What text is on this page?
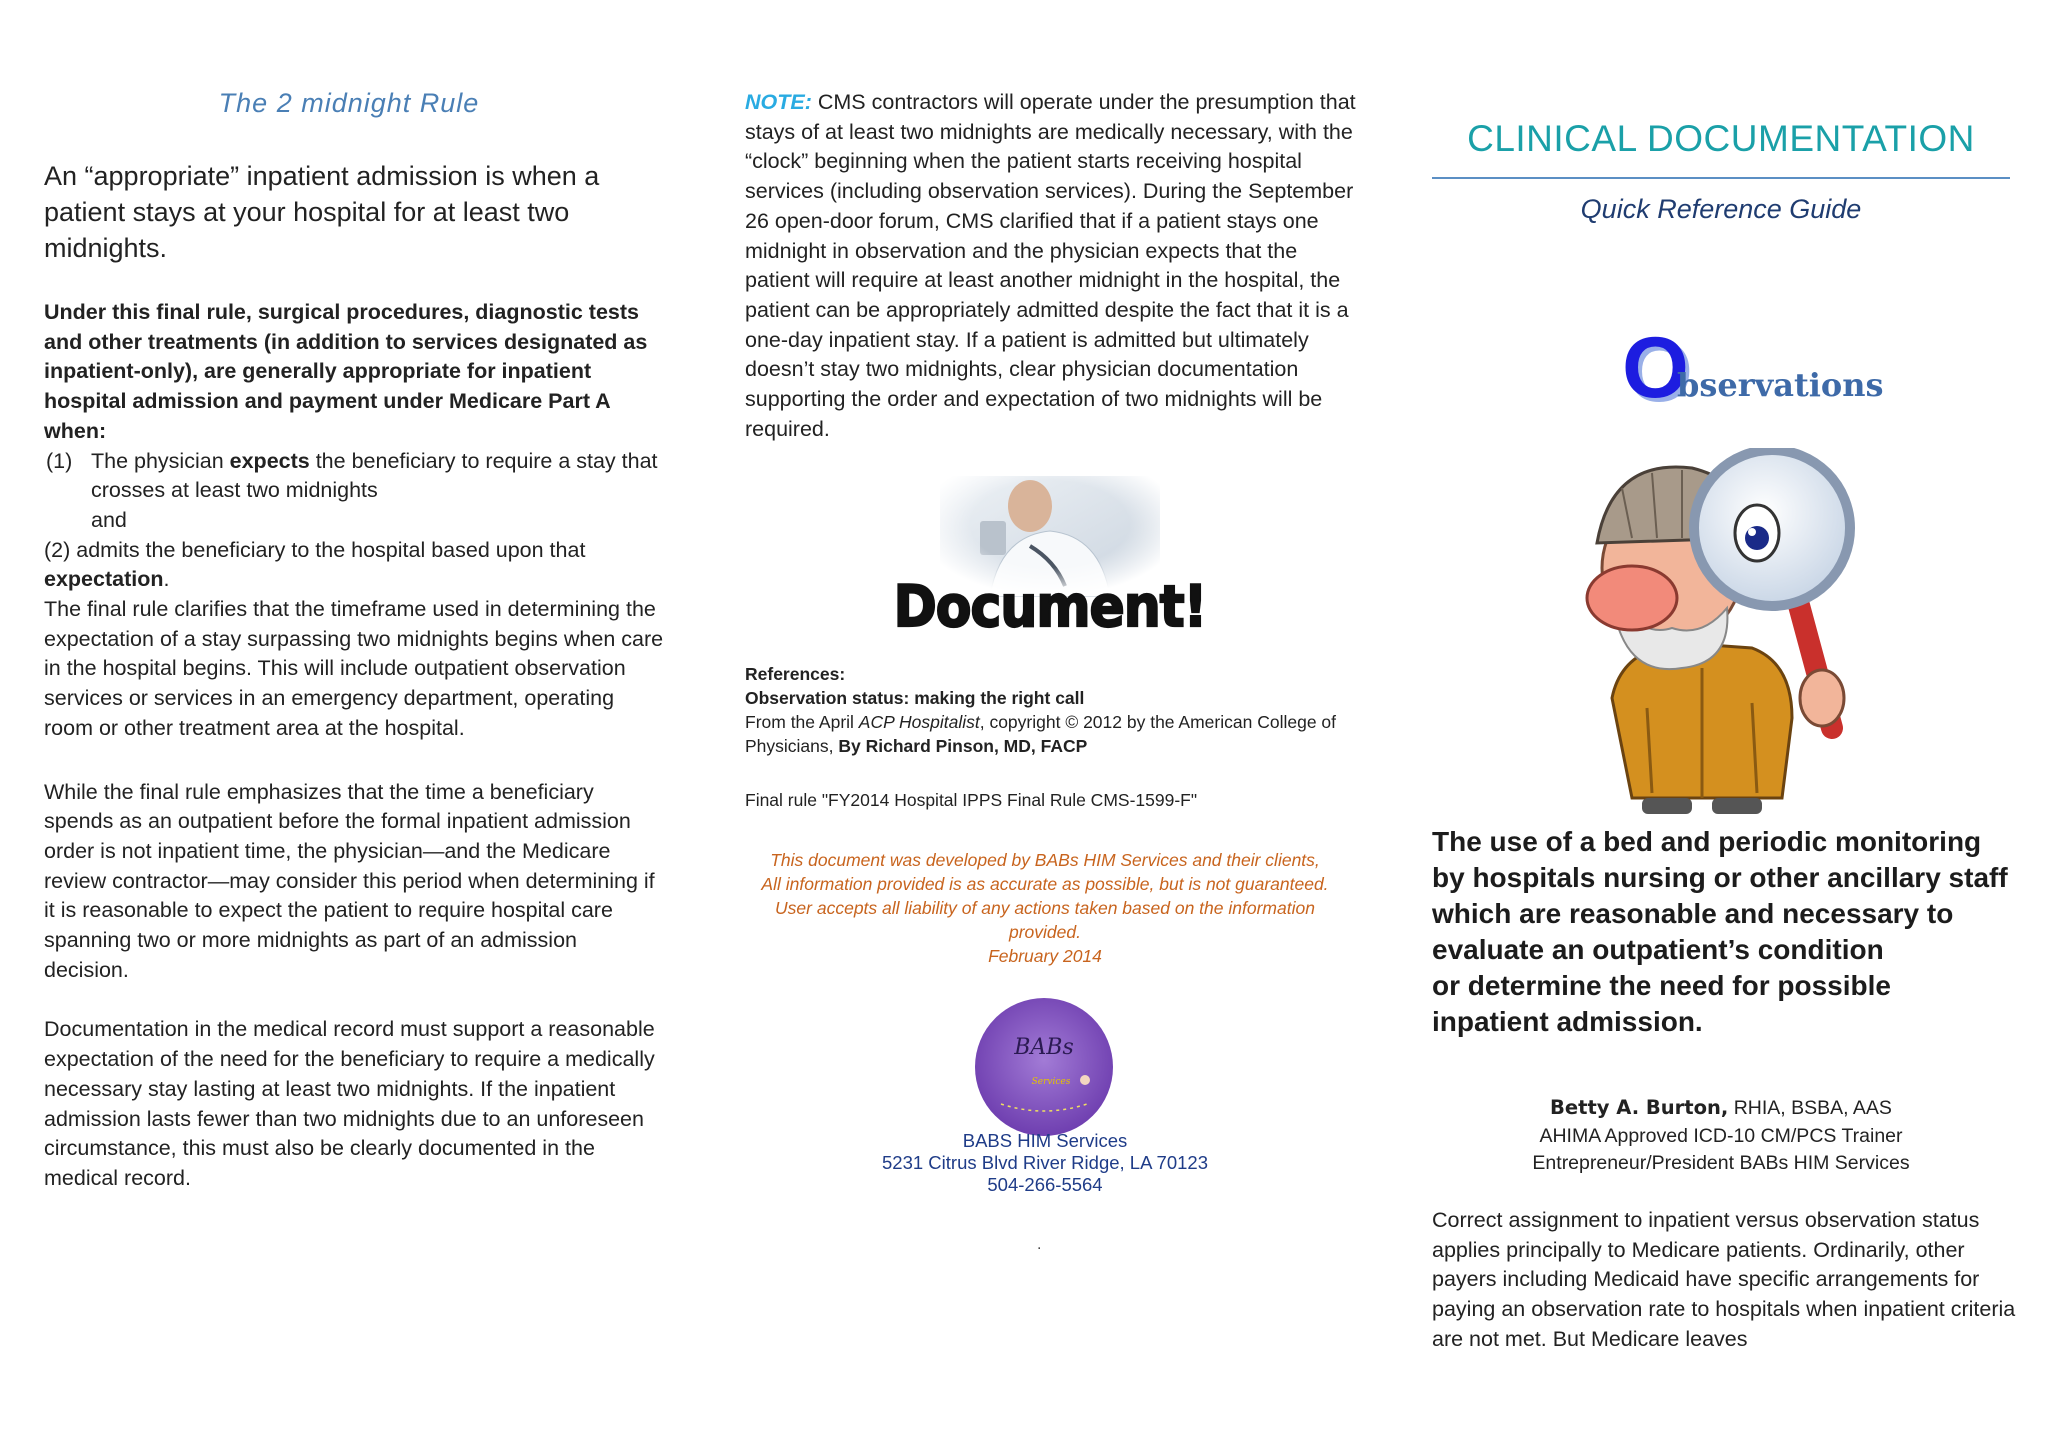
The 2 midnight Rule
An “appropriate” inpatient admission is when a patient stays at your hospital for at least two midnights.

Under this final rule, surgical procedures, diagnostic tests and other treatments (in addition to services designated as inpatient-only), are generally appropriate for inpatient hospital admission and payment under Medicare Part A when:

(1) The physician expects the beneficiary to require a stay that crosses at least two midnights

and

(2) admits the beneficiary to the hospital based upon that expectation.

The final rule clarifies that the timeframe used in determining the expectation of a stay surpassing two midnights begins when care in the hospital begins. This will include outpatient observation services or services in an emergency department, operating room or other treatment area at the hospital.

While the final rule emphasizes that the time a beneficiary spends as an outpatient before the formal inpatient admission order is not inpatient time, the physician—and the Medicare review contractor—may consider this period when determining if it is reasonable to expect the patient to require hospital care spanning two or more midnights as part of an admission decision.

Documentation in the medical record must support a reasonable expectation of the need for the beneficiary to require a medically necessary stay lasting at least two midnights. If the inpatient admission lasts fewer than two midnights due to an unforeseen circumstance, this must also be clearly documented in the medical record.

NOTE: CMS contractors will operate under the presumption that stays of at least two midnights are medically necessary, with the “clock” beginning when the patient starts receiving hospital services (including observation services). During the September 26 open-door forum, CMS clarified that if a patient stays one midnight in observation and the physician expects that the patient will require at least another midnight in the hospital, the patient can be appropriately admitted despite the fact that it is a one-day inpatient stay. If a patient is admitted but ultimately doesn’t stay two midnights, clear physician documentation supporting the order and expectation of two midnights will be required.
Document!

References:

Observation status: making the right call

From the April ACP Hospitalist, copyright © 2012 by the American College of Physicians, By Richard Pinson, MD, FACP

Final rule "FY2014 Hospital IPPS Final Rule CMS-1599-F"

This document was developed by BABs HIM Services and their clients,

All information provided is as accurate as possible, but is not guaranteed.

User accepts all liability of any actions taken based on the information provided.

February 2014

BABs
Services

BABS HIM Services

5231 Citrus Blvd River Ridge, LA 70123

504-266-5564

.
CLINICAL DOCUMENTATION
Quick Reference Guide
O
bservations

The use of a bed and periodic monitoring by hospitals nursing or other ancillary staff which are reasonable and necessary to evaluate an outpatient’s condition

or determine the need for possible inpatient admission.

Betty A. Burton, RHIA, BSBA, AAS

AHIMA Approved ICD-10 CM/PCS Trainer

Entrepreneur/President BABs HIM Services

Correct assignment to inpatient versus observation status applies principally to Medicare patients. Ordinarily, other payers including Medicaid have specific arrangements for paying an observation rate to hospitals when inpatient criteria are not met. But Medicare leaves
